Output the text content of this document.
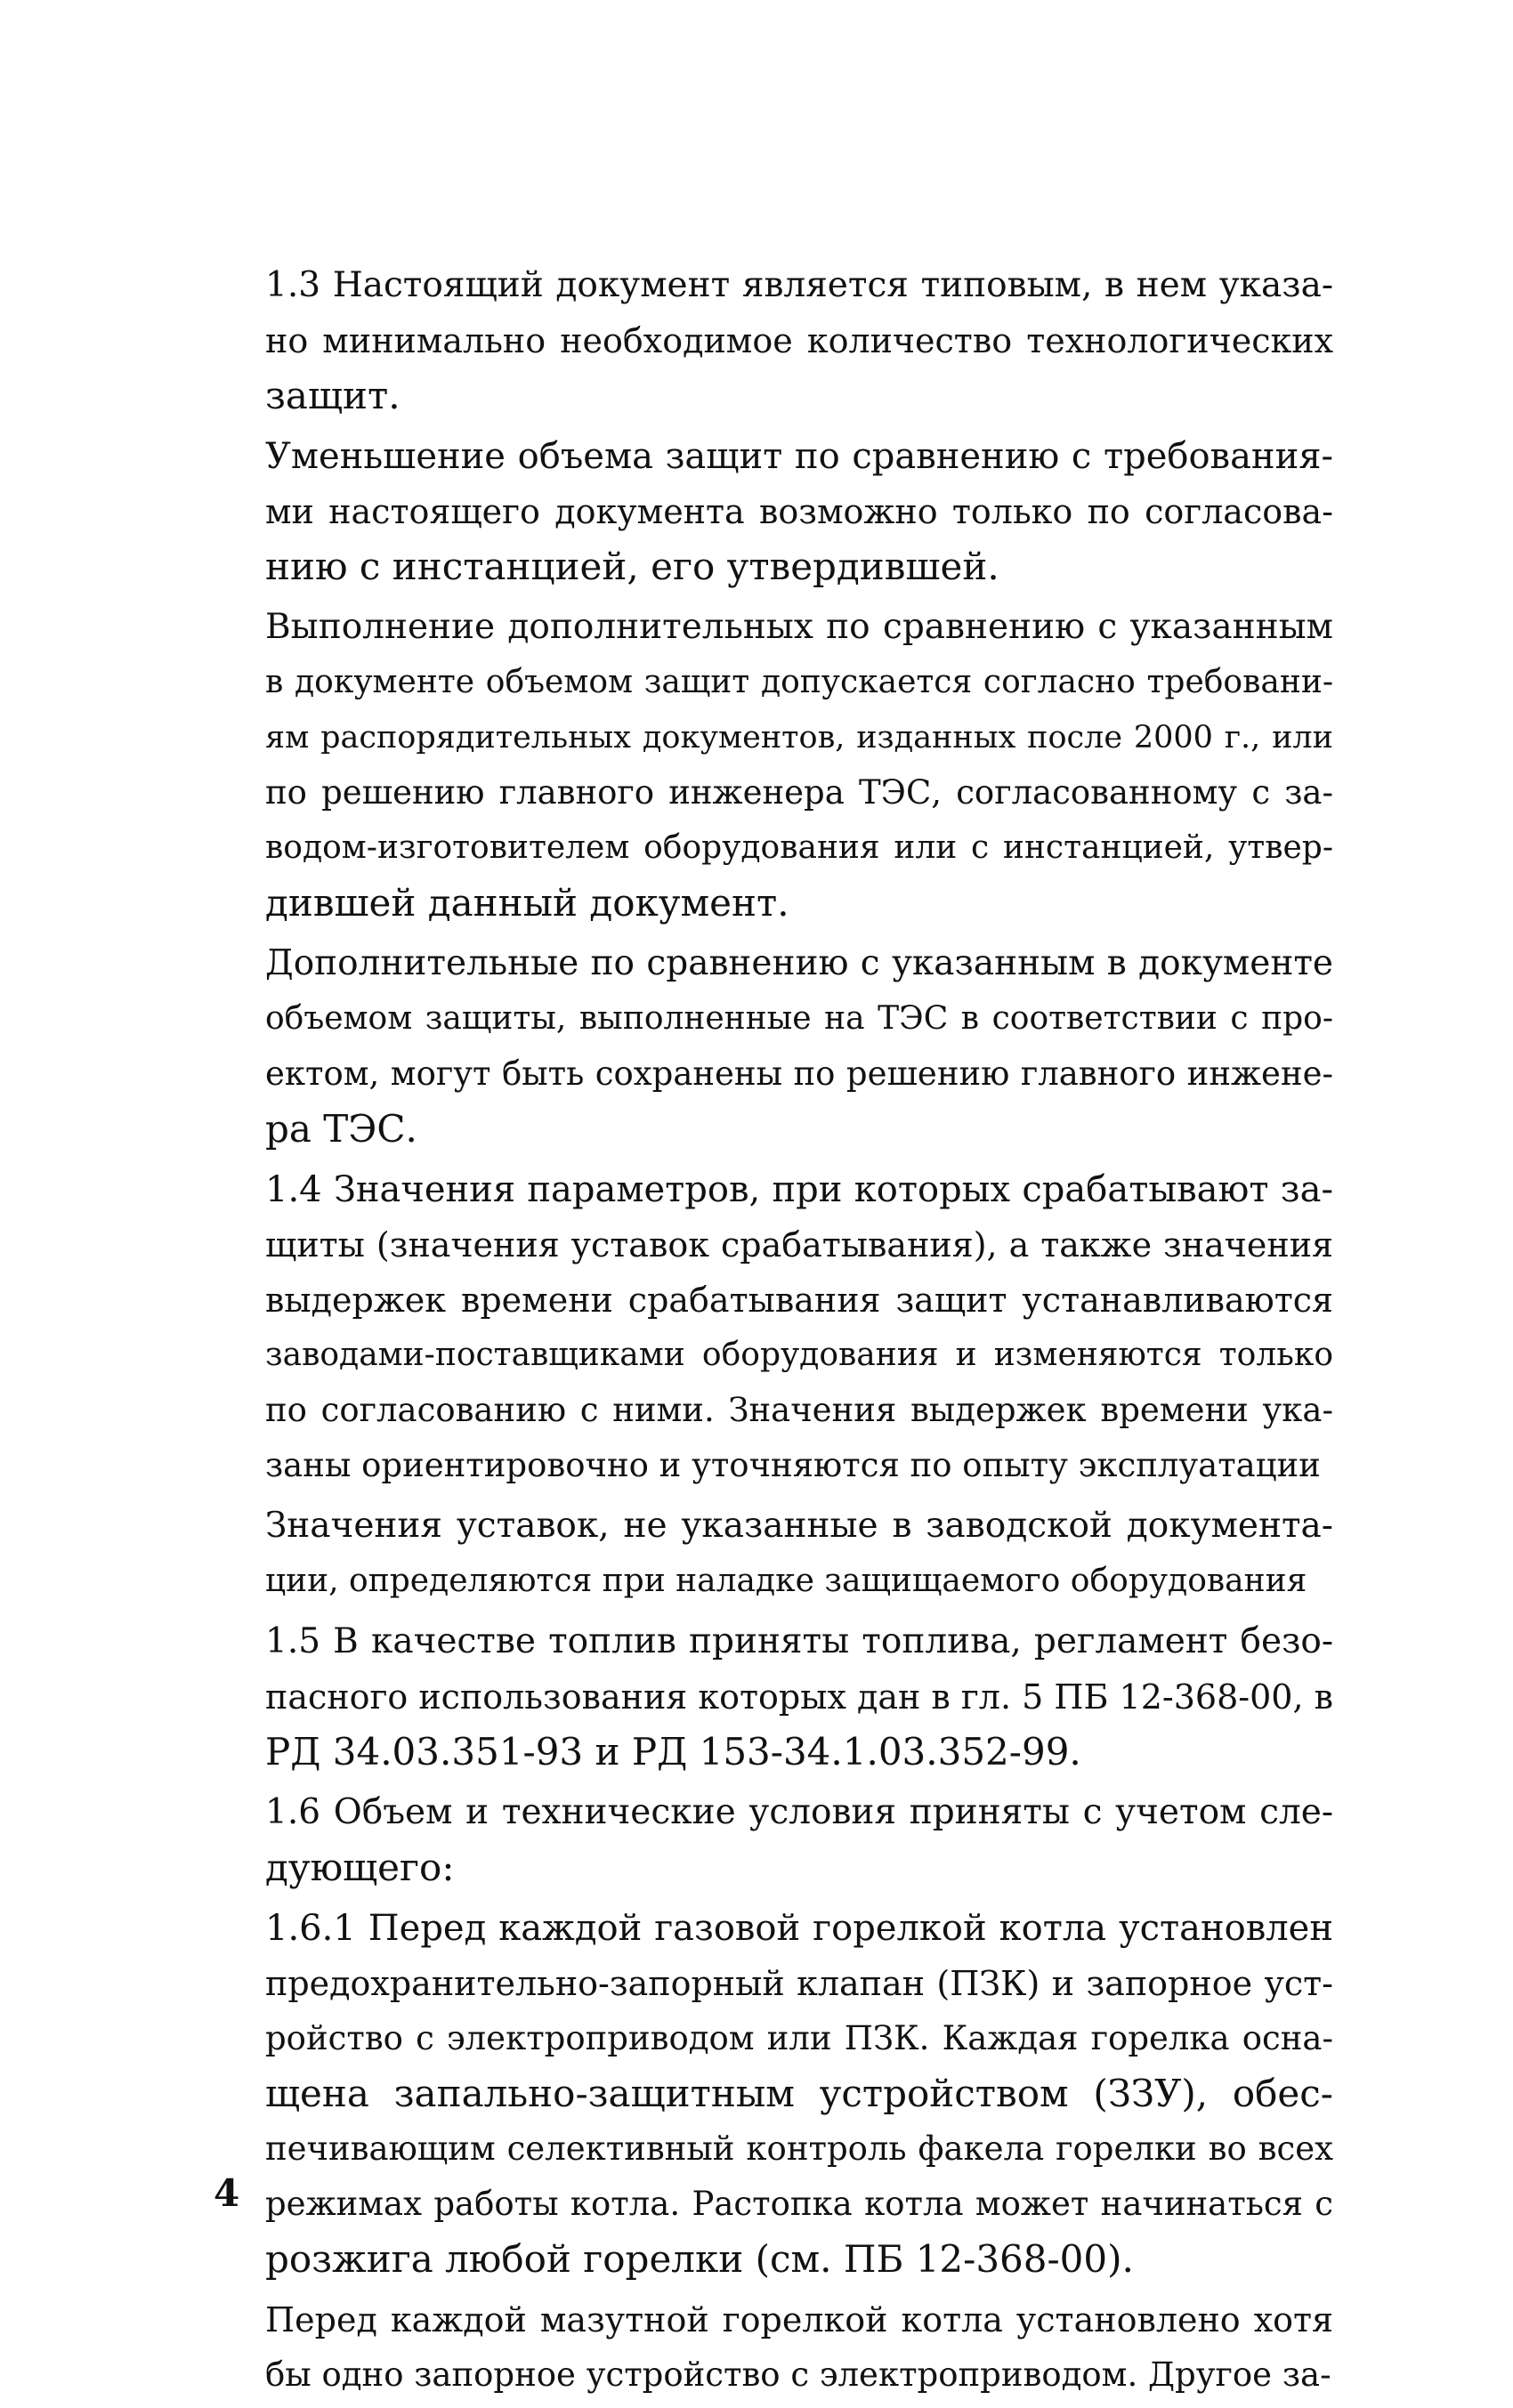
1.3 Настоящий документ является типовым, в нем указа-
но минимально необходимое количество технологических
защит.

Уменьшение объема защит по сравнению с требования-
ми настоящего документа возможно только по согласова-
нию с инстанцией, его утвердившей.

Выполнение дополнительных по сравнению с указанным
в документе объемом защит допускается согласно требовани-
ям распорядительных документов, изданных после 2000 г., или
по решению главного инженера ТЭС, согласованному с за-
водом-изготовителем оборудования или с инстанцией, утвер-
дившей данный документ.

Дополнительные по сравнению с указанным в документе
объемом защиты, выполненные на ТЭС в соответствии с про-
ектом, могут быть сохранены по решению главного инжене-
ра ТЭС.

1.4 Значения параметров, при которых срабатывают за-
щиты (значения уставок срабатывания), а также значения
выдержек времени срабатывания защит устанавливаются
заводами-поставщиками оборудования и изменяются только
по согласованию с ними. Значения выдержек времени ука-
заны ориентировочно и уточняются по опыту эксплуатации

Значения уставок, не указанные в заводской документа-
ции, определяются при наладке защищаемого оборудования

1.5 В качестве топлив приняты топлива, регламент безо-
пасного использования которых дан в гл. 5 ПБ 12-368-00, в
РД 34.03.351-93 и РД 153-34.1.03.352-99.

1.6 Объем и технические условия приняты с учетом сле-
дующего:

1.6.1 Перед каждой газовой горелкой котла установлен
предохранительно-запорный клапан (ПЗК) и запорное уст-
ройство с электроприводом или ПЗК. Каждая горелка осна-
щена запально-защитным устройством (ЗЗУ), обес-
печивающим селективный контроль факела горелки во всех
режимах работы котла. Растопка котла может начинаться с
розжига любой горелки (см. ПБ 12-368-00).

Перед каждой мазутной горелкой котла установлено хотя
бы одно запорное устройство с электроприводом. Другое за-

4
